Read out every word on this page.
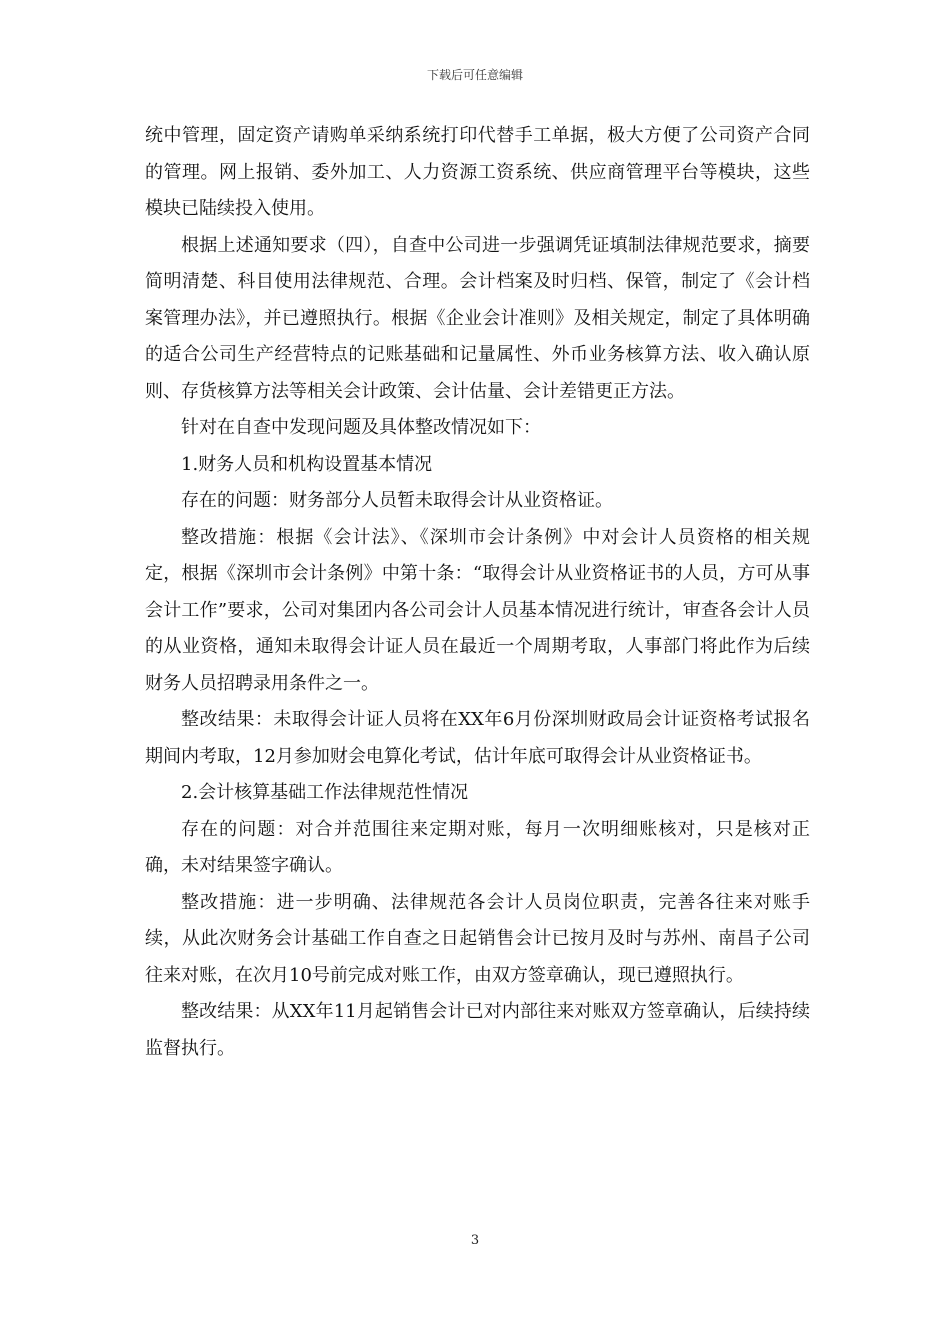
下载后可任意编辑

统中管理，固定资产请购单采纳系统打印代替手工单据，极大方便了公司资产合同的管理。网上报销、委外加工、人力资源工资系统、供应商管理平台等模块，这些模块已陆续投入使用。

根据上述通知要求（四），自查中公司进一步强调凭证填制法律规范要求，摘要简明清楚、科目使用法律规范、合理。会计档案及时归档、保管，制定了《会计档案管理办法》，并已遵照执行。根据《企业会计准则》及相关规定，制定了具体明确的适合公司生产经营特点的记账基础和记量属性、外币业务核算方法、收入确认原则、存货核算方法等相关会计政策、会计估量、会计差错更正方法。

针对在自查中发现问题及具体整改情况如下：

1.财务人员和机构设置基本情况

存在的问题：财务部分人员暂未取得会计从业资格证。

整改措施：根据《会计法》、《深圳市会计条例》中对会计人员资格的相关规定，根据《深圳市会计条例》中第十条：“取得会计从业资格证书的人员，方可从事会计工作”要求，公司对集团内各公司会计人员基本情况进行统计，审查各会计人员的从业资格，通知未取得会计证人员在最近一个周期考取，人事部门将此作为后续财务人员招聘录用条件之一。

整改结果：未取得会计证人员将在XX年6月份深圳财政局会计证资格考试报名期间内考取，12月参加财会电算化考试，估计年底可取得会计从业资格证书。

2.会计核算基础工作法律规范性情况

存在的问题：对合并范围往来定期对账，每月一次明细账核对，只是核对正确，未对结果签字确认。

整改措施：进一步明确、法律规范各会计人员岗位职责，完善各往来对账手续，从此次财务会计基础工作自查之日起销售会计已按月及时与苏州、南昌子公司往来对账，在次月10号前完成对账工作，由双方签章确认，现已遵照执行。

整改结果：从XX年11月起销售会计已对内部往来对账双方签章确认，后续持续监督执行。

3
